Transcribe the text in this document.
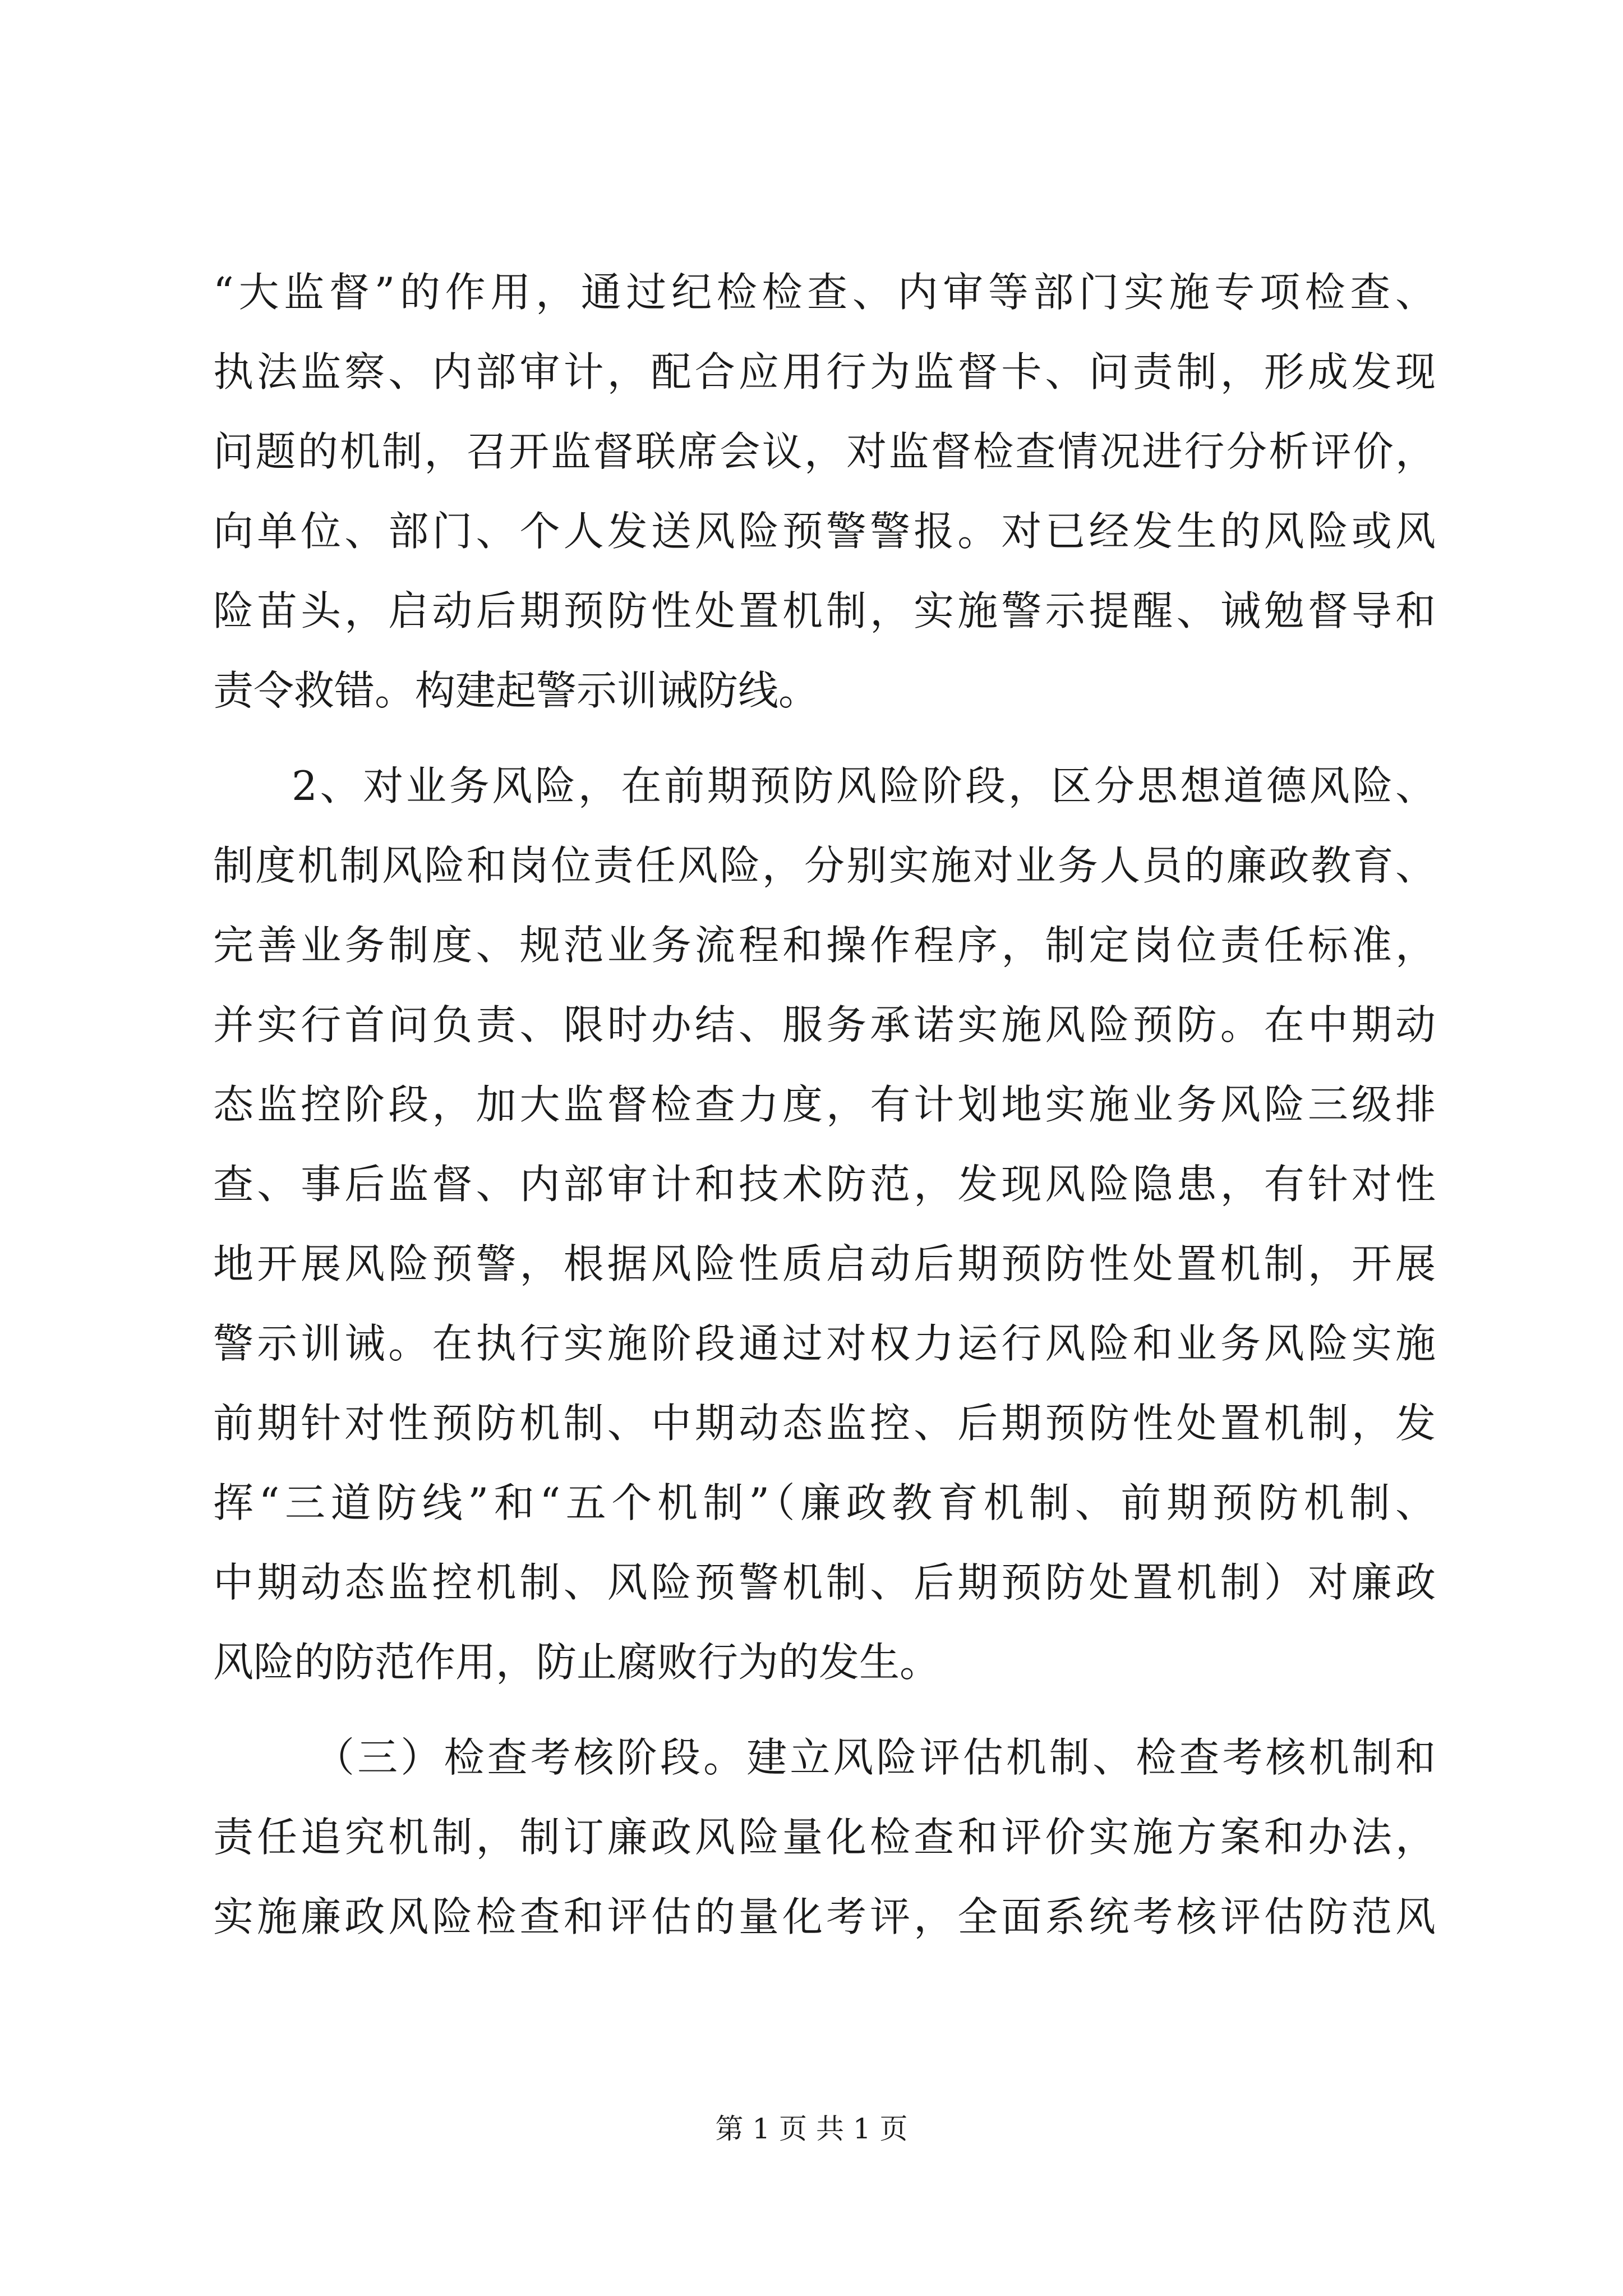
“大监督”的作用，通过纪检检查、内审等部门实施专项检查、
执法监察、内部审计，配合应用行为监督卡、问责制，形成发现
问题的机制，召开监督联席会议，对监督检查情况进行分析评价，
向单位、部门、个人发送风险预警警报。对已经发生的风险或风
险苗头，启动后期预防性处置机制，实施警示提醒、诫勉督导和
责令救错。构建起警示训诫防线。
2、对业务风险，在前期预防风险阶段，区分思想道德风险、
制度机制风险和岗位责任风险，分别实施对业务人员的廉政教育、
完善业务制度、规范业务流程和操作程序，制定岗位责任标准，
并实行首问负责、限时办结、服务承诺实施风险预防。在中期动
态监控阶段，加大监督检查力度，有计划地实施业务风险三级排
查、事后监督、内部审计和技术防范，发现风险隐患，有针对性
地开展风险预警，根据风险性质启动后期预防性处置机制，开展
警示训诫。在执行实施阶段通过对权力运行风险和业务风险实施
前期针对性预防机制、中期动态监控、后期预防性处置机制，发
挥“三道防线”和“五个机制”（廉政教育机制、前期预防机制、
中期动态监控机制、风险预警机制、后期预防处置机制）对廉政
风险的防范作用，防止腐败行为的发生。
（三）检查考核阶段。建立风险评估机制、检查考核机制和
责任追究机制，制订廉政风险量化检查和评价实施方案和办法，
实施廉政风险检查和评估的量化考评，全面系统考核评估防范风
第 1 页 共 1 页
